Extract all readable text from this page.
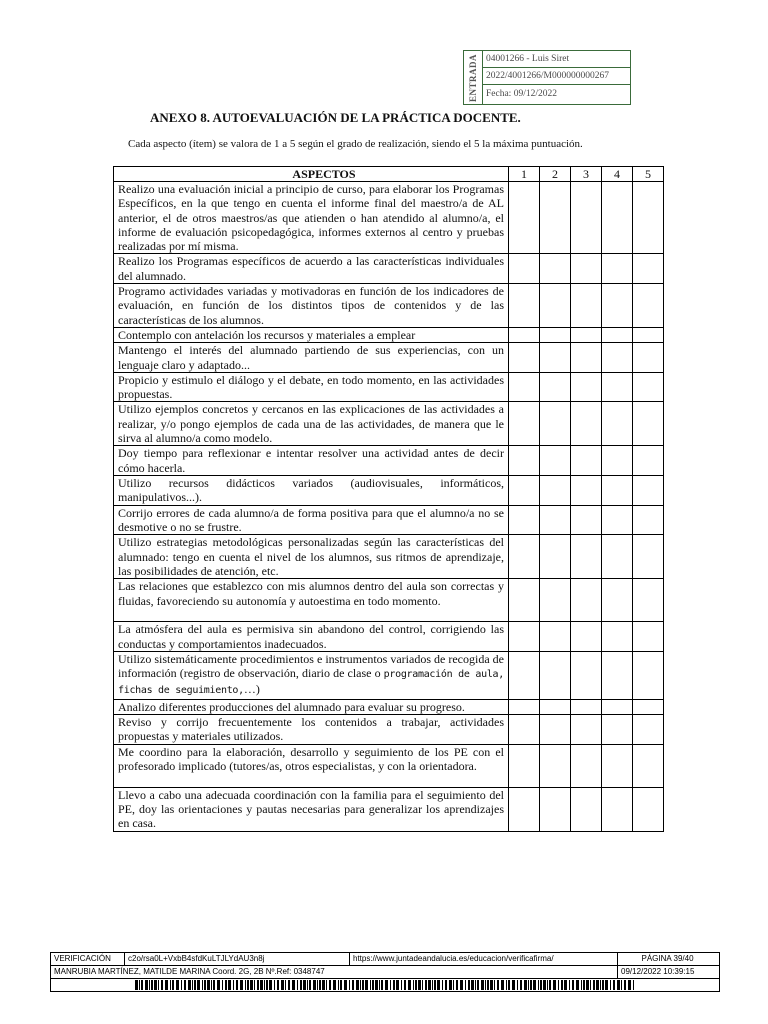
ENTRADA 04001266 - Luis Siret
2022/4001266/M000000000267
Fecha: 09/12/2022
ANEXO 8. AUTOEVALUACIÓN DE LA PRÁCTICA DOCENTE.
Cada aspecto (ítem) se valora de 1 a 5 según el grado de realización, siendo el 5 la máxima puntuación.
ASPECTOS	1	2	3	4	5
Realizo una evaluación inicial a principio de curso, para elaborar los Programas Específicos, en la que tengo en cuenta el informe final del maestro/a de AL anterior, el de otros maestros/as que atienden o han atendido al alumno/a, el informe de evaluación psicopedagógica, informes externos al centro y pruebas realizadas por mí misma.					
Realizo los Programas específicos de acuerdo a las características individuales del alumnado.					
Programo actividades variadas y motivadoras en función de los indicadores de evaluación, en función de los distintos tipos de contenidos y de las características de los alumnos.					
Contemplo con antelación los recursos y materiales a emplear					
Mantengo el interés del alumnado partiendo de sus experiencias, con un lenguaje claro y adaptado...					
Propicio y estimulo el diálogo y el debate, en todo momento, en las actividades propuestas.					
Utilizo ejemplos concretos y cercanos en las explicaciones de las actividades a realizar, y/o pongo ejemplos de cada una de las actividades, de manera que le sirva al alumno/a como modelo.					
Doy tiempo para reflexionar e intentar resolver una actividad antes de decir cómo hacerla.					
Utilizo recursos didácticos variados (audiovisuales, informáticos, manipulativos...).					
Corrijo errores de cada alumno/a de forma positiva para que el alumno/a no se desmotive o no se frustre.					
Utilizo estrategias metodológicas personalizadas según las características del alumnado: tengo en cuenta el nivel de los alumnos, sus ritmos de aprendizaje, las posibilidades de atención, etc.					
Las relaciones que establezco con mis alumnos dentro del aula son correctas y fluidas, favoreciendo su autonomía y autoestima en todo momento.					
La atmósfera del aula es permisiva sin abandono del control, corrigiendo las conductas y comportamientos inadecuados.					
Utilizo sistemáticamente procedimientos e instrumentos variados de recogida de información (registro de observación, diario de clase o programación de aula, fichas de seguimiento,…)					
Analizo diferentes producciones del alumnado para evaluar su progreso.					
Reviso y corrijo frecuentemente los contenidos a trabajar, actividades propuestas y materiales utilizados.					
Me coordino para la elaboración, desarrollo y seguimiento de los PE con el profesorado implicado (tutores/as, otros especialistas, y con la orientadora.					
Llevo a cabo una adecuada coordinación con la familia para el seguimiento del PE, doy las orientaciones y pautas necesarias para generalizar los aprendizajes en casa.					
VERIFICACIÓN	c2o/rsa0L+VxbB4sfdKuLTJLYdAU3n8j	https://www.juntadeandalucia.es/educacion/verificafirma/	PÁGINA 39/40
MANRUBIA MARTÍNEZ, MATILDE MARINA Coord. 2G, 2B Nº.Ref: 0348747	09/12/2022 10:39:15
